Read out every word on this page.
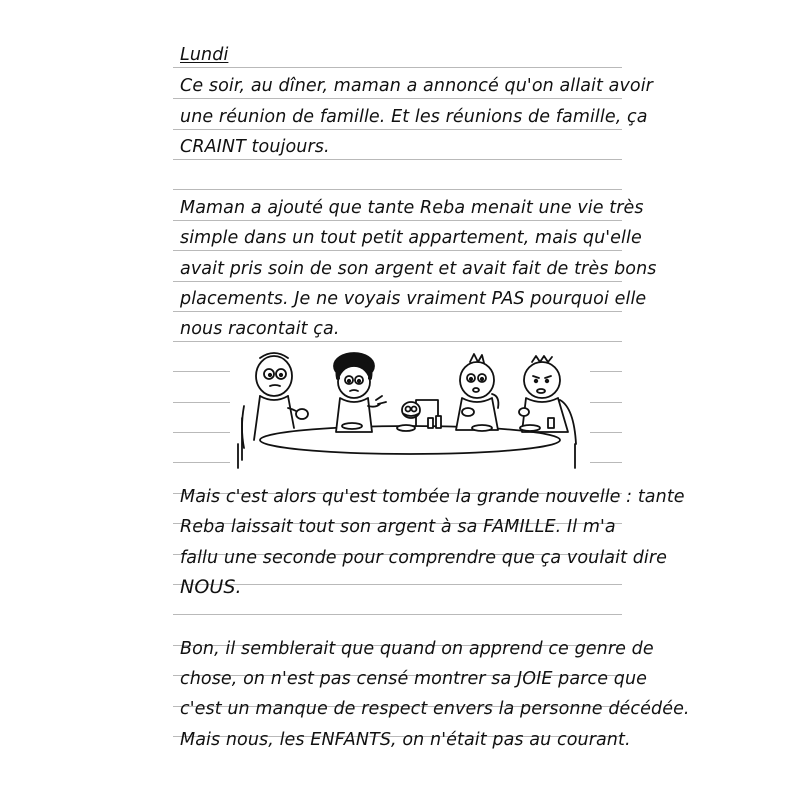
Lundi
Ce soir, au dîner, maman a annoncé qu'on allait avoir
une réunion de famille. Et les réunions de famille, ça
CRAINT toujours.
Maman a ajouté que tante Reba menait une vie très
simple dans un tout petit appartement, mais qu'elle
avait pris soin de son argent et avait fait de très bons
placements. Je ne voyais vraiment PAS pourquoi elle
nous racontait ça.
Mais c'est alors qu'est tombée la grande nouvelle : tante
Reba laissait tout son argent à sa FAMILLE. Il m'a
fallu une seconde pour comprendre que ça voulait dire
NOUS.
Bon, il semblerait que quand on apprend ce genre de
chose, on n'est pas censé montrer sa JOIE parce que
c'est un manque de respect envers la personne décédée.
Mais nous, les ENFANTS, on n'était pas au courant.
